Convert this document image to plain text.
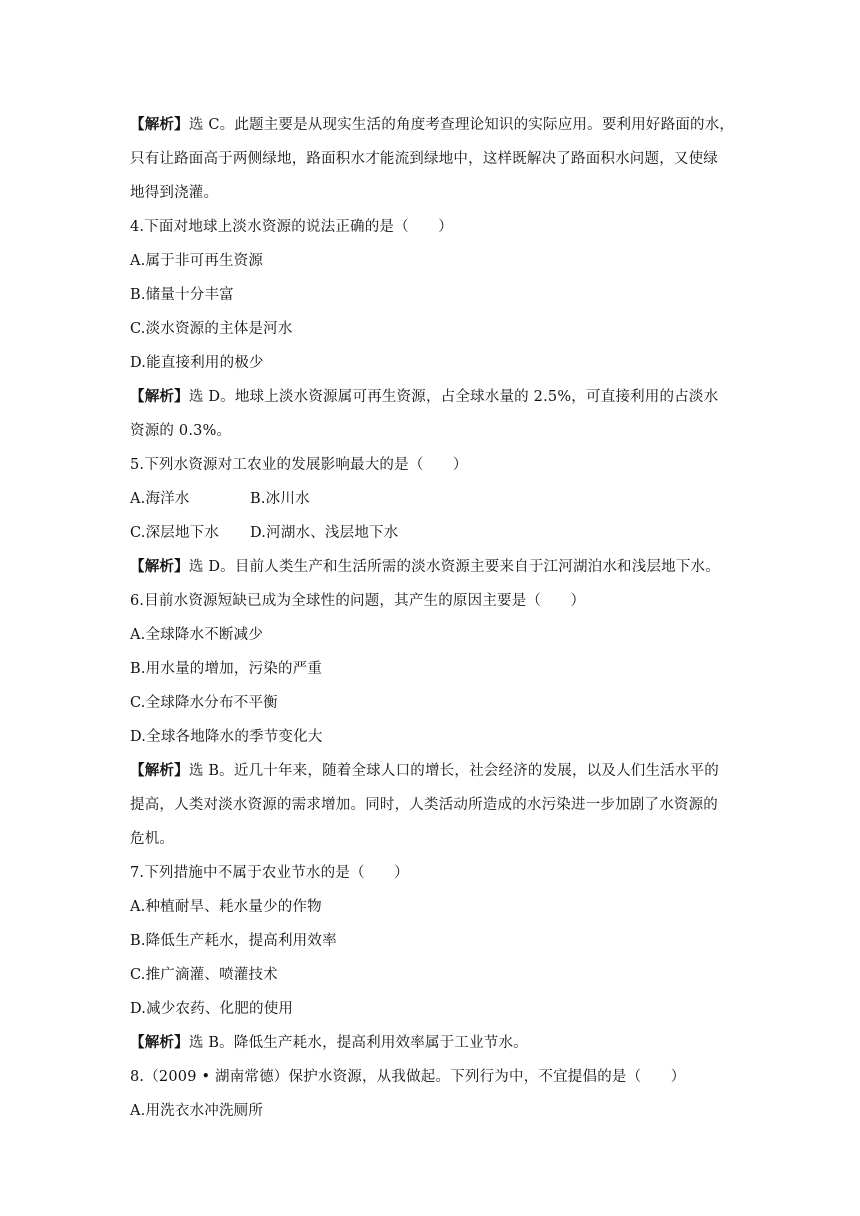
【解析】选 C。此题主要是从现实生活的角度考查理论知识的实际应用。要利用好路面的水，
只有让路面高于两侧绿地，路面积水才能流到绿地中，这样既解决了路面积水问题，又使绿
地得到浇灌。
4.下面对地球上淡水资源的说法正确的是（　　）
A.属于非可再生资源
B.储量十分丰富
C.淡水资源的主体是河水
D.能直接利用的极少
【解析】选 D。地球上淡水资源属可再生资源，占全球水量的 2.5%，可直接利用的占淡水
资源的 0.3%。
5.下列水资源对工农业的发展影响最大的是（　　）
A.海洋水	B.冰川水
C.深层地下水 D.河湖水、浅层地下水
【解析】选 D。目前人类生产和生活所需的淡水资源主要来自于江河湖泊水和浅层地下水。
6.目前水资源短缺已成为全球性的问题，其产生的原因主要是（　　）
A.全球降水不断减少
B.用水量的增加，污染的严重
C.全球降水分布不平衡
D.全球各地降水的季节变化大
【解析】选 B。近几十年来，随着全球人口的增长，社会经济的发展，以及人们生活水平的
提高，人类对淡水资源的需求增加。同时，人类活动所造成的水污染进一步加剧了水资源的
危机。
7.下列措施中不属于农业节水的是（　　）
A.种植耐旱、耗水量少的作物
B.降低生产耗水，提高利用效率
C.推广滴灌、喷灌技术
D.减少农药、化肥的使用
【解析】选 B。降低生产耗水，提高利用效率属于工业节水。
8.（2009 • 湖南常德）保护水资源，从我做起。下列行为中，不宜提倡的是（　　）
A.用洗衣水冲洗厕所
